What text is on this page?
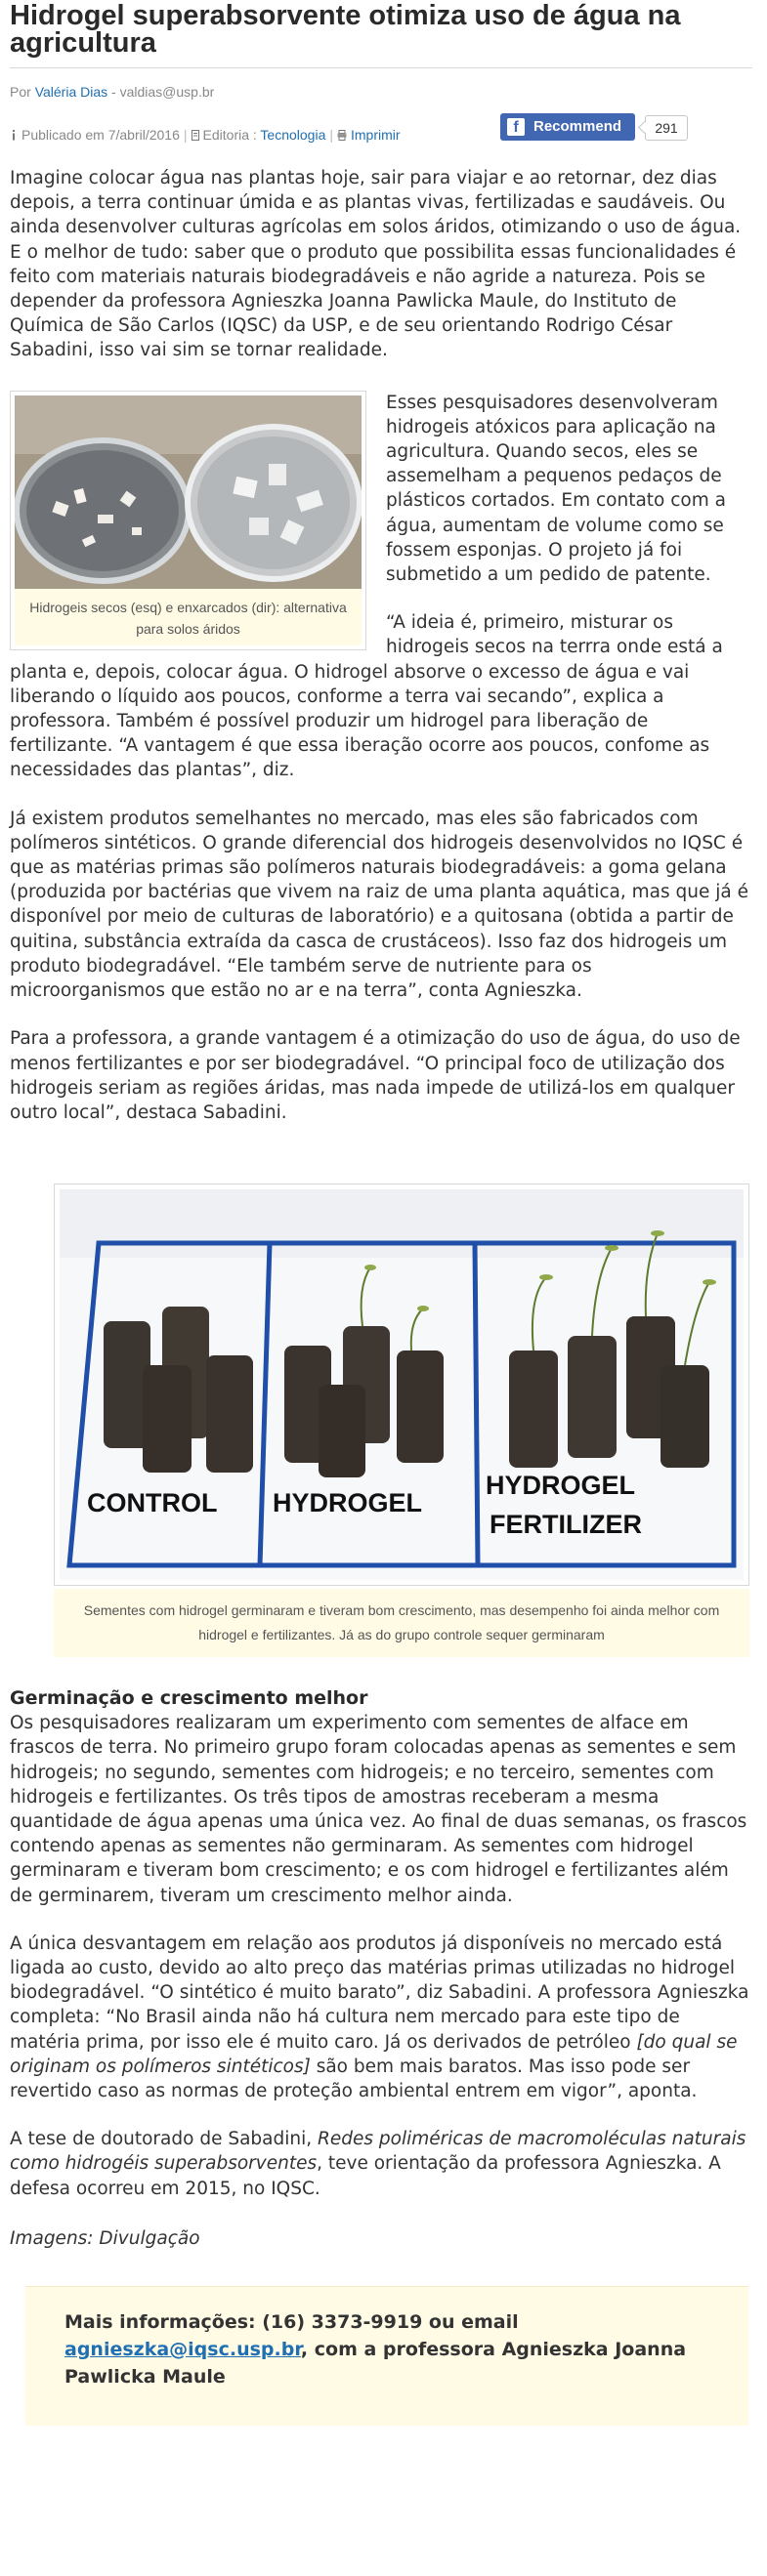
Hidrogel superabsorvente otimiza uso de água na agricultura
Por Valéria Dias - valdias@usp.br
Publicado em 7/abril/2016 | Editoria : Tecnologia | Imprimir	f	Recommend	291

Imagine colocar água nas plantas hoje, sair para viajar e ao retornar, dez dias depois, a terra continuar úmida e as plantas vivas, fertilizadas e saudáveis. Ou ainda desenvolver culturas agrícolas em solos áridos, otimizando o uso de água. E o melhor de tudo: saber que o produto que possibilita essas funcionalidades é feito com materiais naturais biodegradáveis e não agride a natureza. Pois se depender da professora Agnieszka Joanna Pawlicka Maule, do Instituto de Química de São Carlos (IQSC) da USP, e de seu orientando Rodrigo César Sabadini, isso vai sim se tornar realidade.

Hidrogeis secos (esq) e enxarcados (dir): alternativa para solos áridos

Esses pesquisadores desenvolveram hidrogeis atóxicos para aplicação na agricultura. Quando secos, eles se assemelham a pequenos pedaços de plásticos cortados. Em contato com a água, aumentam de volume como se fossem esponjas. O projeto já foi submetido a um pedido de patente.

“A ideia é, primeiro, misturar os hidrogeis secos na terrra onde está a planta e, depois, colocar água. O hidrogel absorve o excesso de água e vai liberando o líquido aos poucos, conforme a terra vai secando”, explica a professora. Também é possível produzir um hidrogel para liberação de fertilizante. “A vantagem é que essa iberação ocorre aos poucos, confome as necessidades das plantas”, diz.

Já existem produtos semelhantes no mercado, mas eles são fabricados com polímeros sintéticos. O grande diferencial dos hidrogeis desenvolvidos no IQSC é que as matérias primas são polímeros naturais biodegradáveis: a goma gelana (produzida por bactérias que vivem na raiz de uma planta aquática, mas que já é disponível por meio de culturas de laboratório) e a quitosana (obtida a partir de quitina, substância extraída da casca de crustáceos). Isso faz dos hidrogeis um produto biodegradável. “Ele também serve de nutriente para os microorganismos que estão no ar e na terra”, conta Agnieszka.

Para a professora, a grande vantagem é a otimização do uso de água, do uso de menos fertilizantes e por ser biodegradável. “O principal foco de utilização dos hidrogeis seriam as regiões áridas, mas nada impede de utilizá-los em qualquer outro local”, destaca Sabadini.

CONTROL HYDROGEL
HYDROGEL
FERTILIZER
Sementes com hidrogel germinaram e tiveram bom crescimento, mas desempenho foi ainda melhor com hidrogel e fertilizantes. Já as do grupo controle sequer germinaram
Germinação e crescimento melhor

Os pesquisadores realizaram um experimento com sementes de alface em frascos de terra. No primeiro grupo foram colocadas apenas as sementes e sem hidrogeis; no segundo, sementes com hidrogeis; e no terceiro, sementes com hidrogeis e fertilizantes. Os três tipos de amostras receberam a mesma quantidade de água apenas uma única vez. Ao final de duas semanas, os frascos contendo apenas as sementes não germinaram. As sementes com hidrogel germinaram e tiveram bom crescimento; e os com hidrogel e fertilizantes além de germinarem, tiveram um crescimento melhor ainda.

A única desvantagem em relação aos produtos já disponíveis no mercado está ligada ao custo, devido ao alto preço das matérias primas utilizadas no hidrogel biodegradável. “O sintético é muito barato”, diz Sabadini. A professora Agnieszka completa: “No Brasil ainda não há cultura nem mercado para este tipo de matéria prima, por isso ele é muito caro. Já os derivados de petróleo [do qual se originam os polímeros sintéticos] são bem mais baratos. Mas isso pode ser revertido caso as normas de proteção ambiental entrem em vigor”, aponta.

A tese de doutorado de Sabadini, Redes poliméricas de macromoléculas naturais como hidrogéis superabsorventes, teve orientação da professora Agnieszka. A defesa ocorreu em 2015, no IQSC.

Imagens: Divulgação

Mais informações: (16) 3373-9919 ou email
agnieszka@iqsc.usp.br, com a professora Agnieszka Joanna Pawlicka Maule
